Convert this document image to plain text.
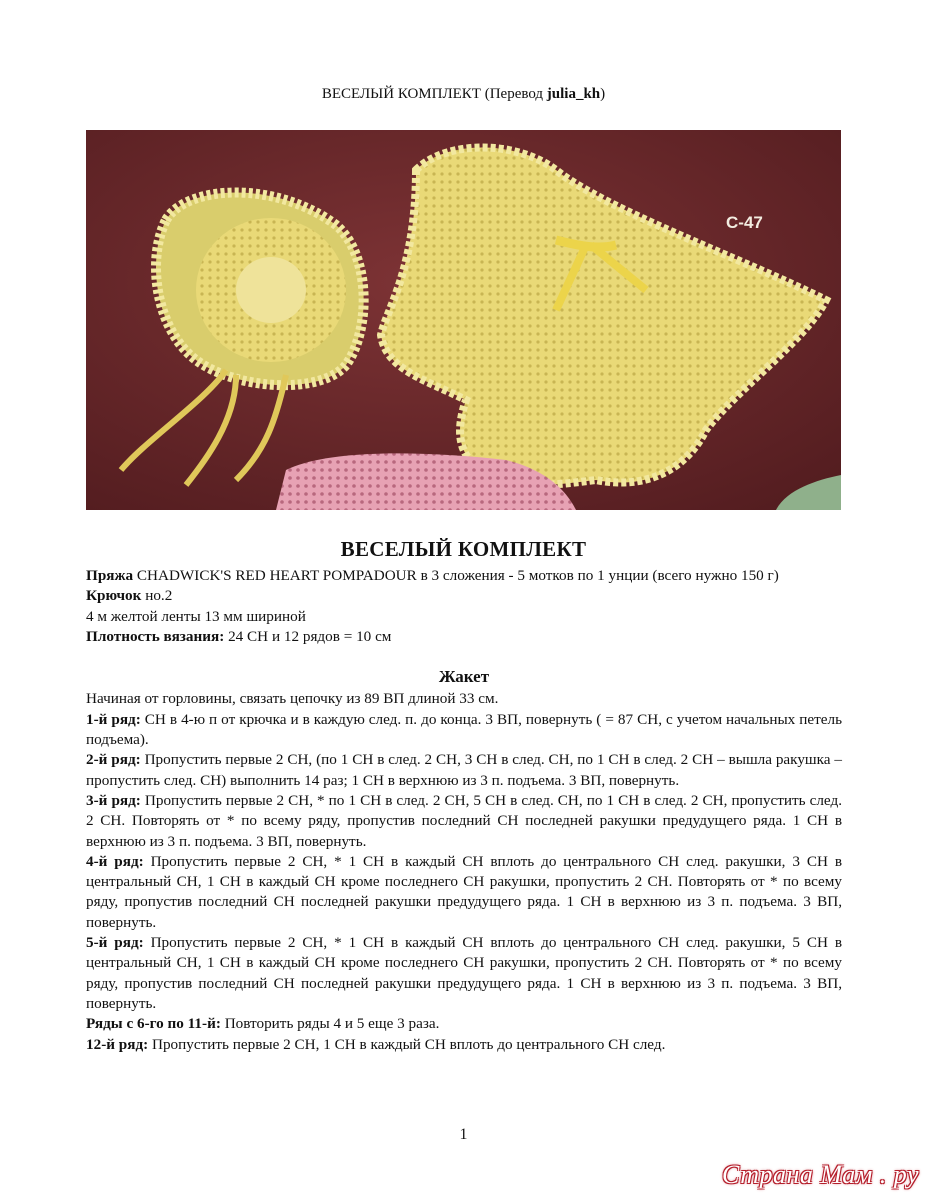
ВЕСЕЛЫЙ КОМПЛЕКТ (Перевод julia_kh)
C-47
ВЕСЕЛЫЙ КОМПЛЕКТ

Пряжа CHADWICK'S RED HEART POMPADOUR в 3 сложения - 5 мотков по 1 унции (всего нужно 150 г)

Крючок но.2

4 м желтой ленты 13 мм шириной

Плотность вязания: 24 СН и 12 рядов = 10 см

Жакет

Начиная от горловины, связать цепочку из 89 ВП длиной 33 см.

1-й ряд: СН в 4-ю п от крючка и в каждую след. п. до конца. 3 ВП, повернуть ( = 87 СН, с учетом начальных петель подъема).

2-й ряд: Пропустить первые 2 СН, (по 1 СН в след. 2 СН, 3 СН в след. СН, по 1 СН в след. 2 СН – вышла ракушка – пропустить след. СН) выполнить 14 раз; 1 СН в верхнюю из 3 п. подъема. 3 ВП, повернуть.

3-й ряд: Пропустить первые 2 СН, * по 1 СН в след. 2 СН, 5 СН в след. СН, по 1 СН в след. 2 СН, пропустить след. 2 СН. Повторять от * по всему ряду, пропустив последний СН последней ракушки предудущего ряда. 1 СН в верхнюю из 3 п. подъема. 3 ВП, повернуть.

4-й ряд: Пропустить первые 2 СН, * 1 СН в каждый СН вплоть до центрального СН след. ракушки, 3 СН в центральный СН, 1 СН в каждый СН кроме последнего СН ракушки, пропустить 2 СН. Повторять от * по всему ряду, пропустив последний СН последней ракушки предудущего ряда. 1 СН в верхнюю из 3 п. подъема. 3 ВП, повернуть.

5-й ряд: Пропустить первые 2 СН, * 1 СН в каждый СН вплоть до центрального СН след. ракушки, 5 СН в центральный СН, 1 СН в каждый СН кроме последнего СН ракушки, пропустить 2 СН. Повторять от * по всему ряду, пропустив последний СН последней ракушки предудущего ряда. 1 СН в верхнюю из 3 п. подъема. 3 ВП, повернуть.

Ряды с 6-го по 11-й: Повторить ряды 4 и 5 еще 3 раза.

12-й ряд: Пропустить первые 2 СН, 1 СН в каждый СН вплоть до центрального СН след.

1
Страна Мам . ру
